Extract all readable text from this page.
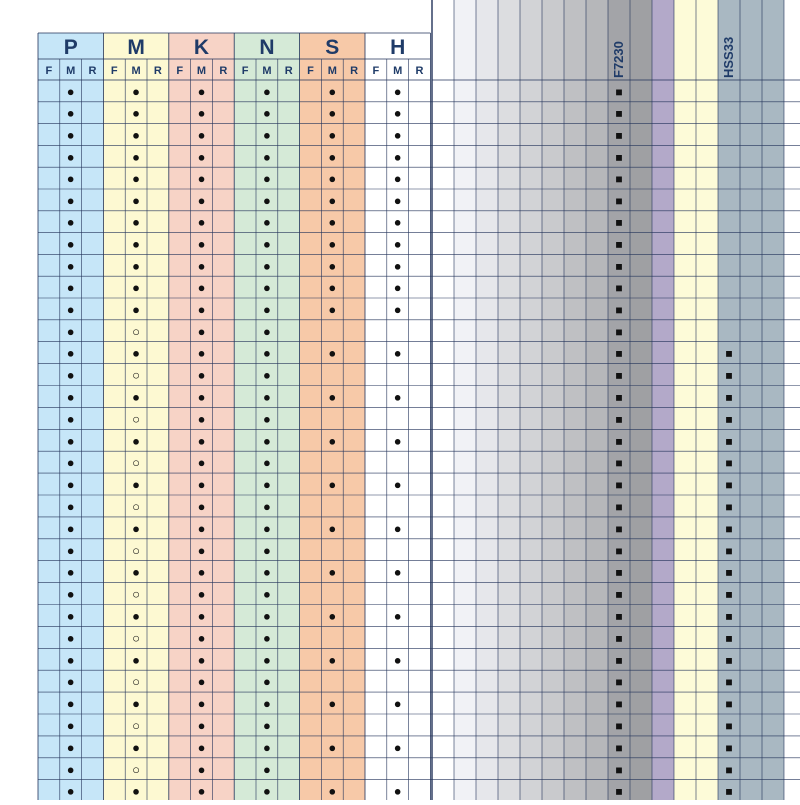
P
F M R
M
F M R
K
F M R
N
F M R
S
F M R
H
F M R	F7230	HSS33
●
●
●
●
●
●
●
●
●
●
●
●
●
●
●
●
●
●
●
●
●
●
●
●
●
●
●
●
●
●
●
●
●
●
●
●
●
●
●
●
●
●
●
●
○
●
○
●
○
●
○
●
○
●
○
●
○
●
○
●
○
●
○
●
○
●
●
●
●
●
●
●
●
●
●
●
●
●
●
●
●
●
●
●
●
●
●
●
●
●
●
●
●
●
●
●
●
●
●
●
●
●
●
●
●
●
●
●
●
●
●
●
●
●
●
●
●
●
●
●
●
●
●
●
●
●
●
●
●
●
●
●
●
●
●
●
●
●
●
●
●
●
●
●
●
●
●
●
●
●
●
●
●
●
●
●
●
●
●
●
●
●
●
●
●
●
●
●
●
●
●
●
●
●
●
●
■
■
■
■
■
■
■
■
■
■
■
■
■
■
■
■
■
■
■
■
■
■
■
■
■
■
■
■
■
■
■
■
■
■
■
■
■
■
■
■
■
■
■
■
■
■
■
■
■
■
■
■
■
■
